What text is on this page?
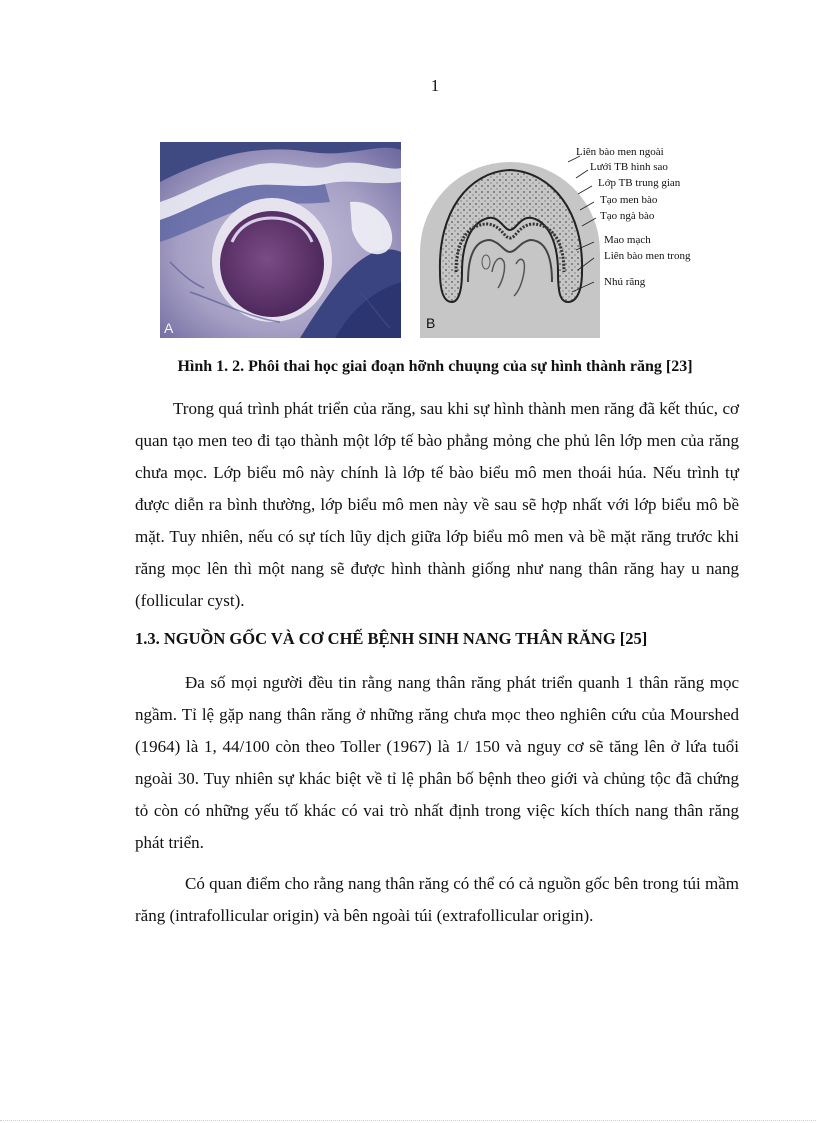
1
A	B
Liên bào men ngoài
Lưới TB hình sao
Lớp TB trung gian
Tạo men bào
Tạo ngà bào
Mao mạch
Liên bào men trong
Nhú răng
Hình 1. 2. Phôi thai học giai đoạn hỡnh chuụng của sự hình thành răng [23]

Trong quá trình phát triển của răng, sau khi sự hình thành men răng đã kết thúc, cơ quan tạo men teo đi tạo thành một lớp tế bào phẳng mỏng che phủ lên lớp men của răng chưa mọc. Lớp biểu mô này chính là lớp tế bào biểu mô men thoái húa. Nếu trình tự được diễn ra bình thường, lớp biểu mô men này về sau sẽ hợp nhất với lớp biểu mô bề mặt. Tuy nhiên, nếu có sự tích lũy dịch giữa lớp biểu mô men và bề mặt răng trước khi răng mọc lên thì một nang sẽ được hình thành giống như nang thân răng hay u nang (follicular cyst).

1.3. NGUỒN GỐC VÀ CƠ CHẾ BỆNH SINH NANG THÂN RĂNG [25]

Đa số mọi người đều tin rằng nang thân răng phát triển quanh 1 thân răng mọc ngầm. Tỉ lệ gặp nang thân răng ở những răng chưa mọc theo nghiên cứu của Mourshed (1964) là 1, 44/100 còn theo Toller (1967) là 1/ 150 và nguy cơ sẽ tăng lên ở lứa tuổi ngoài 30. Tuy nhiên sự khác biệt về tỉ lệ phân bố bệnh theo giới và chủng tộc đã chứng tỏ còn có những yếu tố khác có vai trò nhất định trong việc kích thích nang thân răng phát triển.

Có quan điểm cho rằng nang thân răng có thể có cả nguồn gốc bên trong túi mầm răng (intrafollicular origin) và bên ngoài túi (extrafollicular origin).
